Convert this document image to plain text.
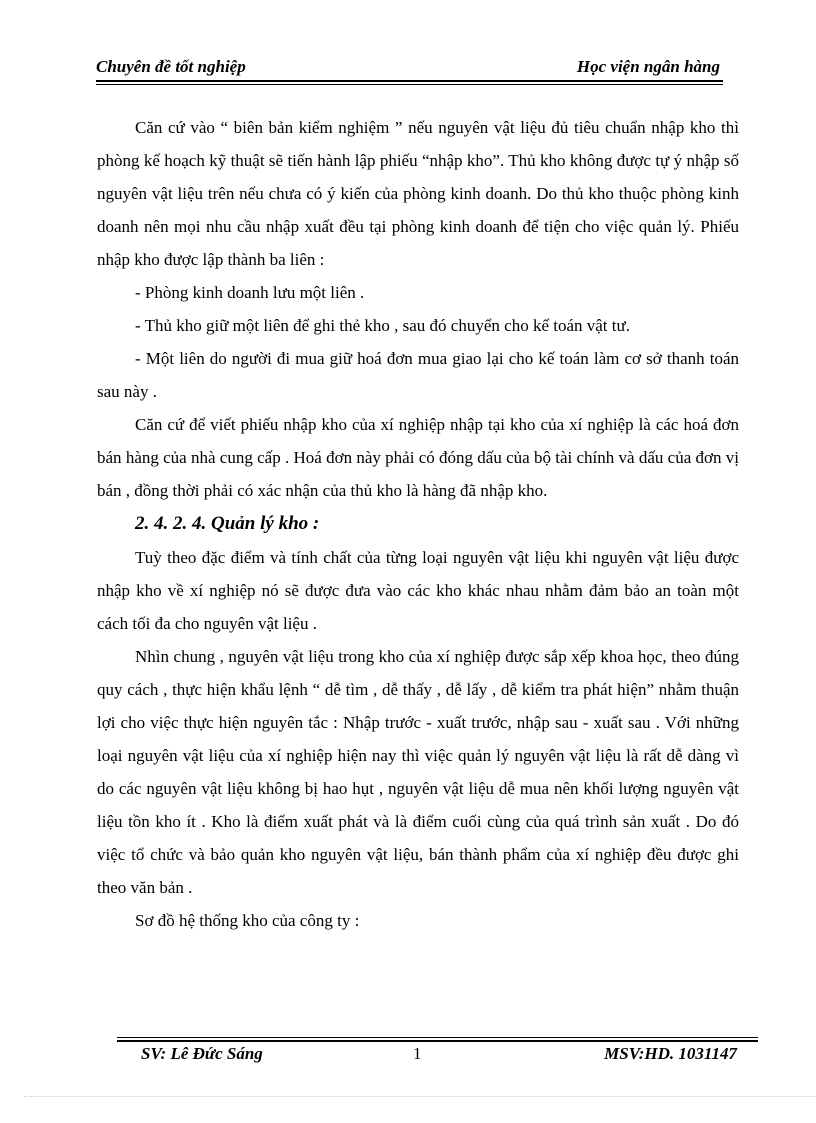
Chuyên đề tốt nghiệp	Học viện ngân hàng

Căn cứ vào “ biên bản kiểm nghiệm ” nếu nguyên vật liệu đủ tiêu chuẩn nhập kho thì phòng kế hoạch kỹ thuật sẽ tiến hành lập phiếu “nhập kho”. Thủ kho không được tự ý nhập số nguyên vật liệu trên nếu chưa có ý kiến của phòng kinh doanh. Do thủ kho thuộc phòng kinh doanh nên mọi nhu cầu nhập xuất đều tại phòng kinh doanh để tiện cho việc quản lý. Phiếu nhập kho được lập thành ba liên :

- Phòng kinh doanh lưu một liên .

- Thủ kho giữ một liên để ghi thẻ kho , sau đó chuyển cho kế toán vật tư.

- Một liên do người đi mua giữ hoá đơn mua giao lại cho kế toán làm cơ sở thanh toán sau này .

Căn cứ để viết phiếu nhập kho của xí nghiệp nhập tại kho của xí nghiệp là các hoá đơn bán hàng của nhà cung cấp . Hoá đơn này phải có đóng dấu của bộ tài chính và dấu của đơn vị bán , đồng thời phải có xác nhận của thủ kho là hàng đã nhập kho.

2. 4. 2. 4. Quản lý kho :

Tuỳ theo đặc điểm và tính chất của từng loại nguyên vật liệu khi nguyên vật liệu được nhập kho về xí nghiệp nó sẽ được đưa vào các kho khác nhau nhằm đảm bảo an toàn một cách tối đa cho nguyên vật liệu .

Nhìn chung , nguyên vật liệu trong kho của xí nghiệp được sắp xếp khoa học, theo đúng quy cách , thực hiện khẩu lệnh “ dễ tìm , dễ thấy , dễ lấy , dễ kiểm tra phát hiện” nhằm thuận lợi cho việc thực hiện nguyên tắc : Nhập trước - xuất trước, nhập sau - xuất sau . Với những loại nguyên vật liệu của xí nghiệp hiện nay thì việc quản lý nguyên vật liệu là rất dễ dàng vì do các nguyên vật liệu không bị hao hụt , nguyên vật liệu dễ mua nên khối lượng nguyên vật liệu tồn kho ít . Kho là điểm xuất phát và là điểm cuối cùng của quá trình sản xuất . Do đó việc tổ chức và bảo quản kho nguyên vật liệu, bán thành phẩm của xí nghiệp đều được ghi theo văn bản .

Sơ đồ hệ thống kho của công ty :

SV: Lê Đức Sáng	1	MSV:HD. 1031147
